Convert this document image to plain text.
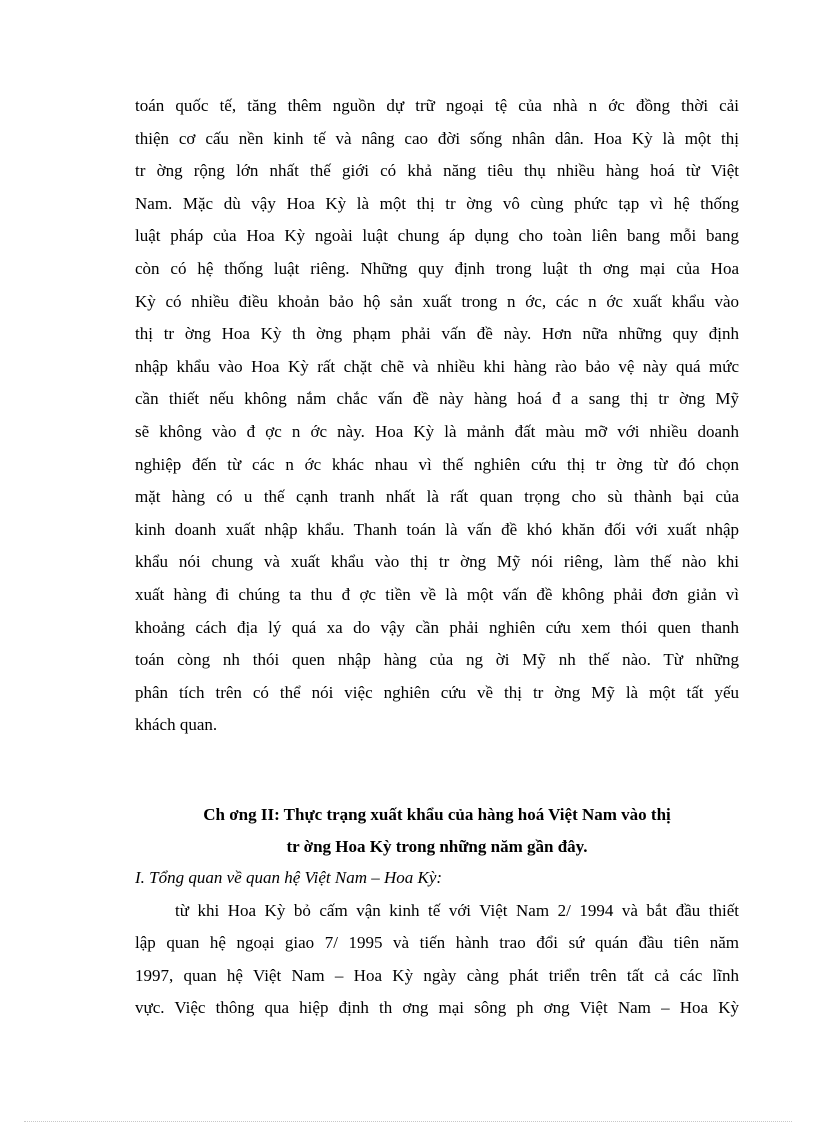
toán quốc tế, tăng thêm nguồn dự trữ ngoại tệ của nhà n ớc đồng thời cải
thiện cơ cấu nền kinh tế và nâng cao đời sống nhân dân. Hoa Kỳ là một thị
tr ờng rộng lớn nhất thế giới có khả năng tiêu thụ nhiều hàng hoá từ Việt
Nam. Mặc dù vậy Hoa Kỳ là một thị tr ờng vô cùng phức tạp vì hệ thống
luật pháp của Hoa Kỳ ngoài luật chung áp dụng cho toàn liên bang mỗi bang
còn có hệ thống luật riêng. Những quy định trong luật th ơng mại của Hoa
Kỳ có nhiều điều khoản bảo hộ sản xuất trong n ớc, các n ớc xuất khẩu vào
thị tr ờng Hoa Kỳ th ờng phạm phải vấn đề này. Hơn nữa những quy định
nhập khẩu vào Hoa Kỳ rất chặt chẽ và nhiều khi hàng rào bảo vệ này quá mức
cần thiết nếu không nắm chắc vấn đề này hàng hoá đ a sang thị tr ờng Mỹ
sẽ không vào đ ợc n ớc này. Hoa Kỳ là mảnh đất màu mỡ với nhiều doanh
nghiệp đến từ các n ớc khác nhau vì thế nghiên cứu thị tr ờng từ đó chọn
mặt hàng có u thế cạnh tranh nhất là rất quan trọng cho sù thành bại của
kinh doanh xuất nhập khẩu. Thanh toán là vấn đề khó khăn đối với xuất nhập
khẩu nói chung và xuất khẩu vào thị tr ờng Mỹ nói riêng, làm thế nào khi
xuất hàng đi chúng ta thu đ ợc tiền về là một vấn đề không phải đơn giản vì
khoảng cách địa lý quá xa do vậy cần phải nghiên cứu xem thói quen thanh
toán còng nh thói quen nhập hàng của ng ời Mỹ nh thế nào. Từ những
phân tích trên có thể nói việc nghiên cứu về thị tr ờng Mỹ là một tất yếu
khách quan.
Ch ơng II: Thực trạng xuất khẩu của hàng hoá Việt Nam vào thị
tr ờng Hoa Kỳ trong những năm gần đây.
I. Tổng quan về quan hệ Việt Nam – Hoa Kỳ:
từ khi Hoa Kỳ bỏ cấm vận kinh tế với Việt Nam 2/ 1994 và bắt đầu thiết
lập quan hệ ngoại giao 7/ 1995 và tiến hành trao đổi sứ quán đầu tiên năm
1997, quan hệ Việt Nam – Hoa Kỳ ngày càng phát triển trên tất cả các lĩnh
vực. Việc thông qua hiệp định th ơng mại sông ph ơng Việt Nam – Hoa Kỳ
